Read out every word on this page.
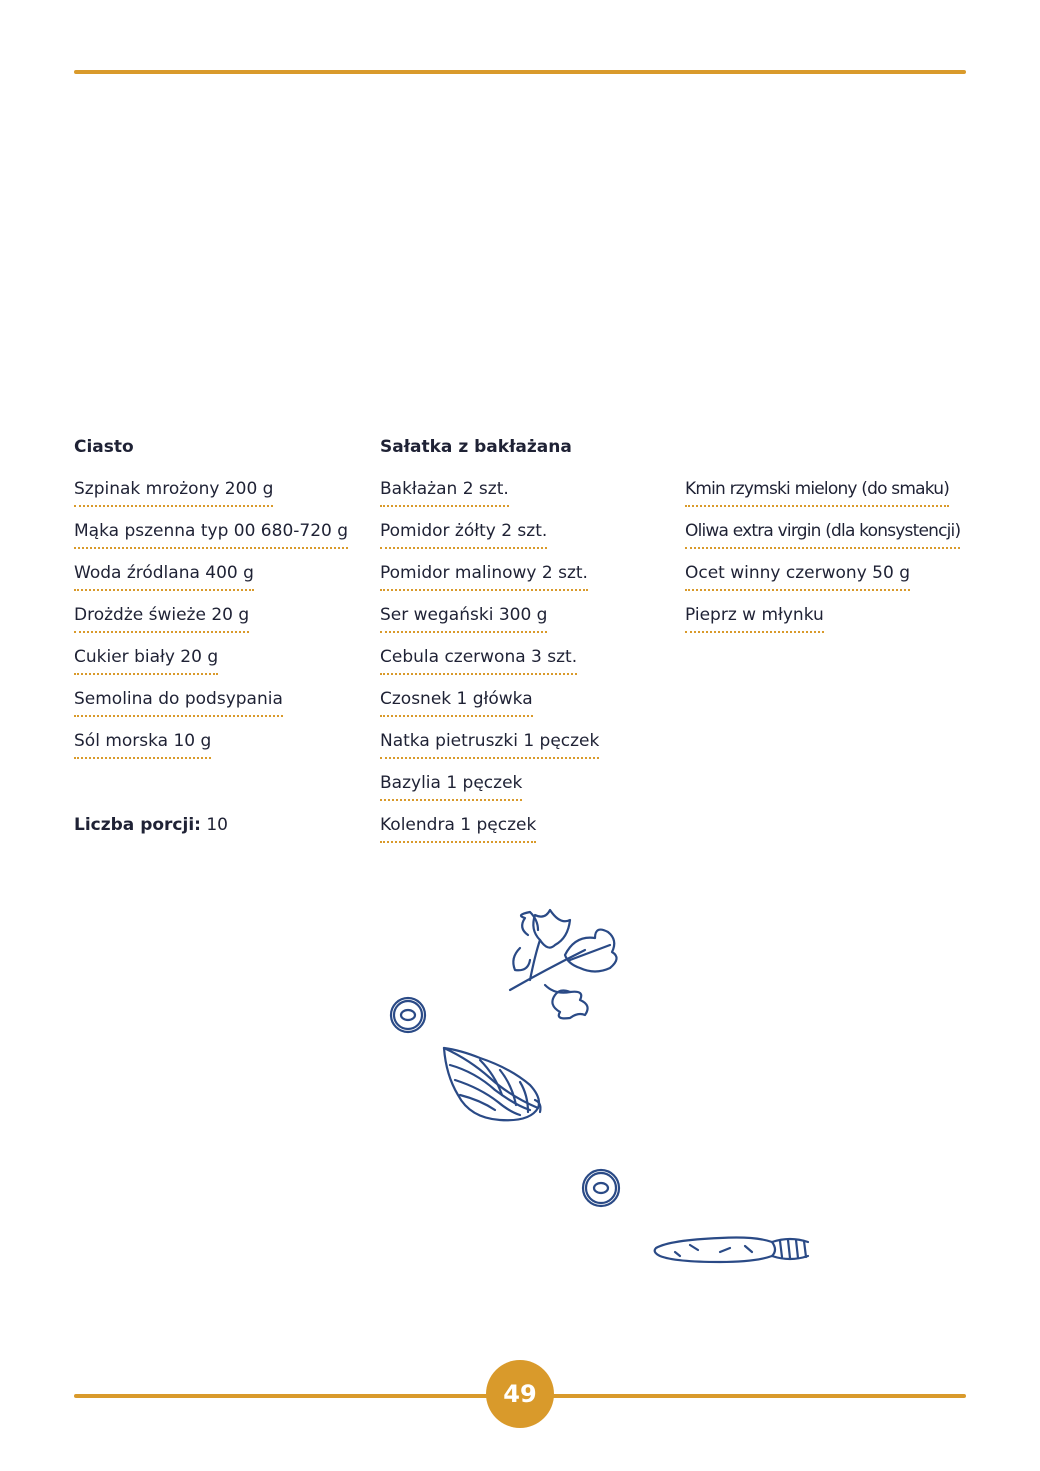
Ciasto
Szpinak mrożony 200 g
Mąka pszenna typ 00 680-720 g
Woda źródlana 400 g
Drożdże świeże 20 g
Cukier biały 20 g
Semolina do podsypania
Sól morska 10 g
Sałatka z bakłażana
Bakłażan 2 szt.
Pomidor żółty 2 szt.
Pomidor malinowy 2 szt.
Ser wegański 300 g
Cebula czerwona 3 szt.
Czosnek 1 główka
Natka pietruszki 1 pęczek
Bazylia 1 pęczek
Kolendra 1 pęczek
Kmin rzymski mielony (do smaku)
Oliwa extra virgin (dla konsystencji)
Ocet winny czerwony 50 g
Pieprz w młynku
Liczba porcji: 10
49
